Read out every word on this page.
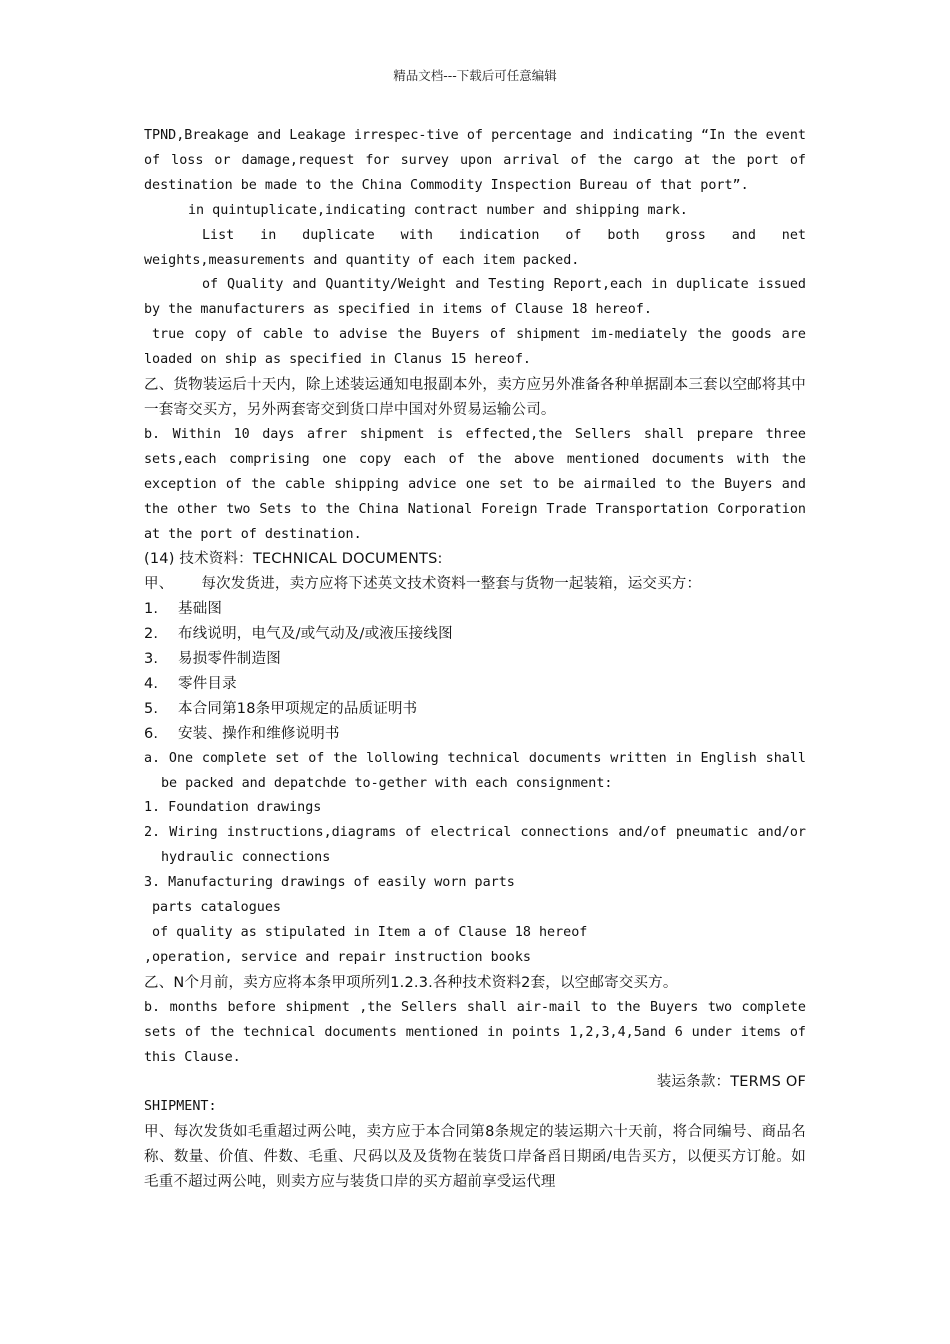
精品文档---下载后可任意编辑

TPND,Breakage and Leakage irrespec-tive of percentage and indicating “In the event of loss or damage,request for survey upon arrival of the cargo at the port of destination be made to the China Commodity Inspection Bureau of that port”.

in quintuplicate,indicating contract number and shipping mark.

List in duplicate with indication of both gross and net weights,measurements and quantity of each item packed.

of Quality and Quantity/Weight and Testing Report,each in duplicate issued by the manufacturers as specified in items of Clause 18 hereof.

true copy of cable to advise the Buyers of shipment im-mediately the goods are loaded on ship as specified in Clanus 15 hereof.

乙、货物装运后十天内，除上述装运通知电报副本外，卖方应另外准备各种单据副本三套以空邮将其中一套寄交买方，另外两套寄交到货口岸中国对外贸易运输公司。

b. Within 10 days afrer shipment is effected,the Sellers shall prepare three sets,each comprising one copy each of the above mentioned documents with the exception of the cable shipping advice one set to be airmailed to the Buyers and the other two Sets to the China National Foreign Trade Transportation Corporation at the port of destination.

(14) 技术资料：TECHNICAL DOCUMENTS:

甲、 每次发货进，卖方应将下述英文技术资料一整套与货物一起装箱，运交买方：

1. 基础图

2. 布线说明，电气及/或气动及/或液压接线图

3. 易损零件制造图

4. 零件目录

5. 本合同第18条甲项规定的品质证明书

6. 安装、操作和维修说明书

a. One complete set of the lollowing technical documents written in English shall be packed and depatchde to-gether with each consignment:

1. Foundation drawings

2. Wiring instructions,diagrams of electrical connections and/of pneumatic and/or hydraulic connections

3. Manufacturing drawings of easily worn parts

parts catalogues

of quality as stipulated in Item a of Clause 18 hereof

,operation, service and repair instruction books

乙、N个月前，卖方应将本条甲项所列1.2.3.各种技术资料2套，以空邮寄交买方。

b. months before shipment ,the Sellers shall air-mail to the Buyers two complete sets of the technical documents mentioned in points 1,2,3,4,5and 6 under items of this Clause.

装运条款：TERMS OF

SHIPMENT:

甲、每次发货如毛重超过两公吨，卖方应于本合同第8条规定的装运期六十天前，将合同编号、商品名称、数量、价值、件数、毛重、尺码以及及货物在装货口岸备舀日期函/电告买方，以便买方订舱。如毛重不超过两公吨，则卖方应与装货口岸的买方超前享受运代理
